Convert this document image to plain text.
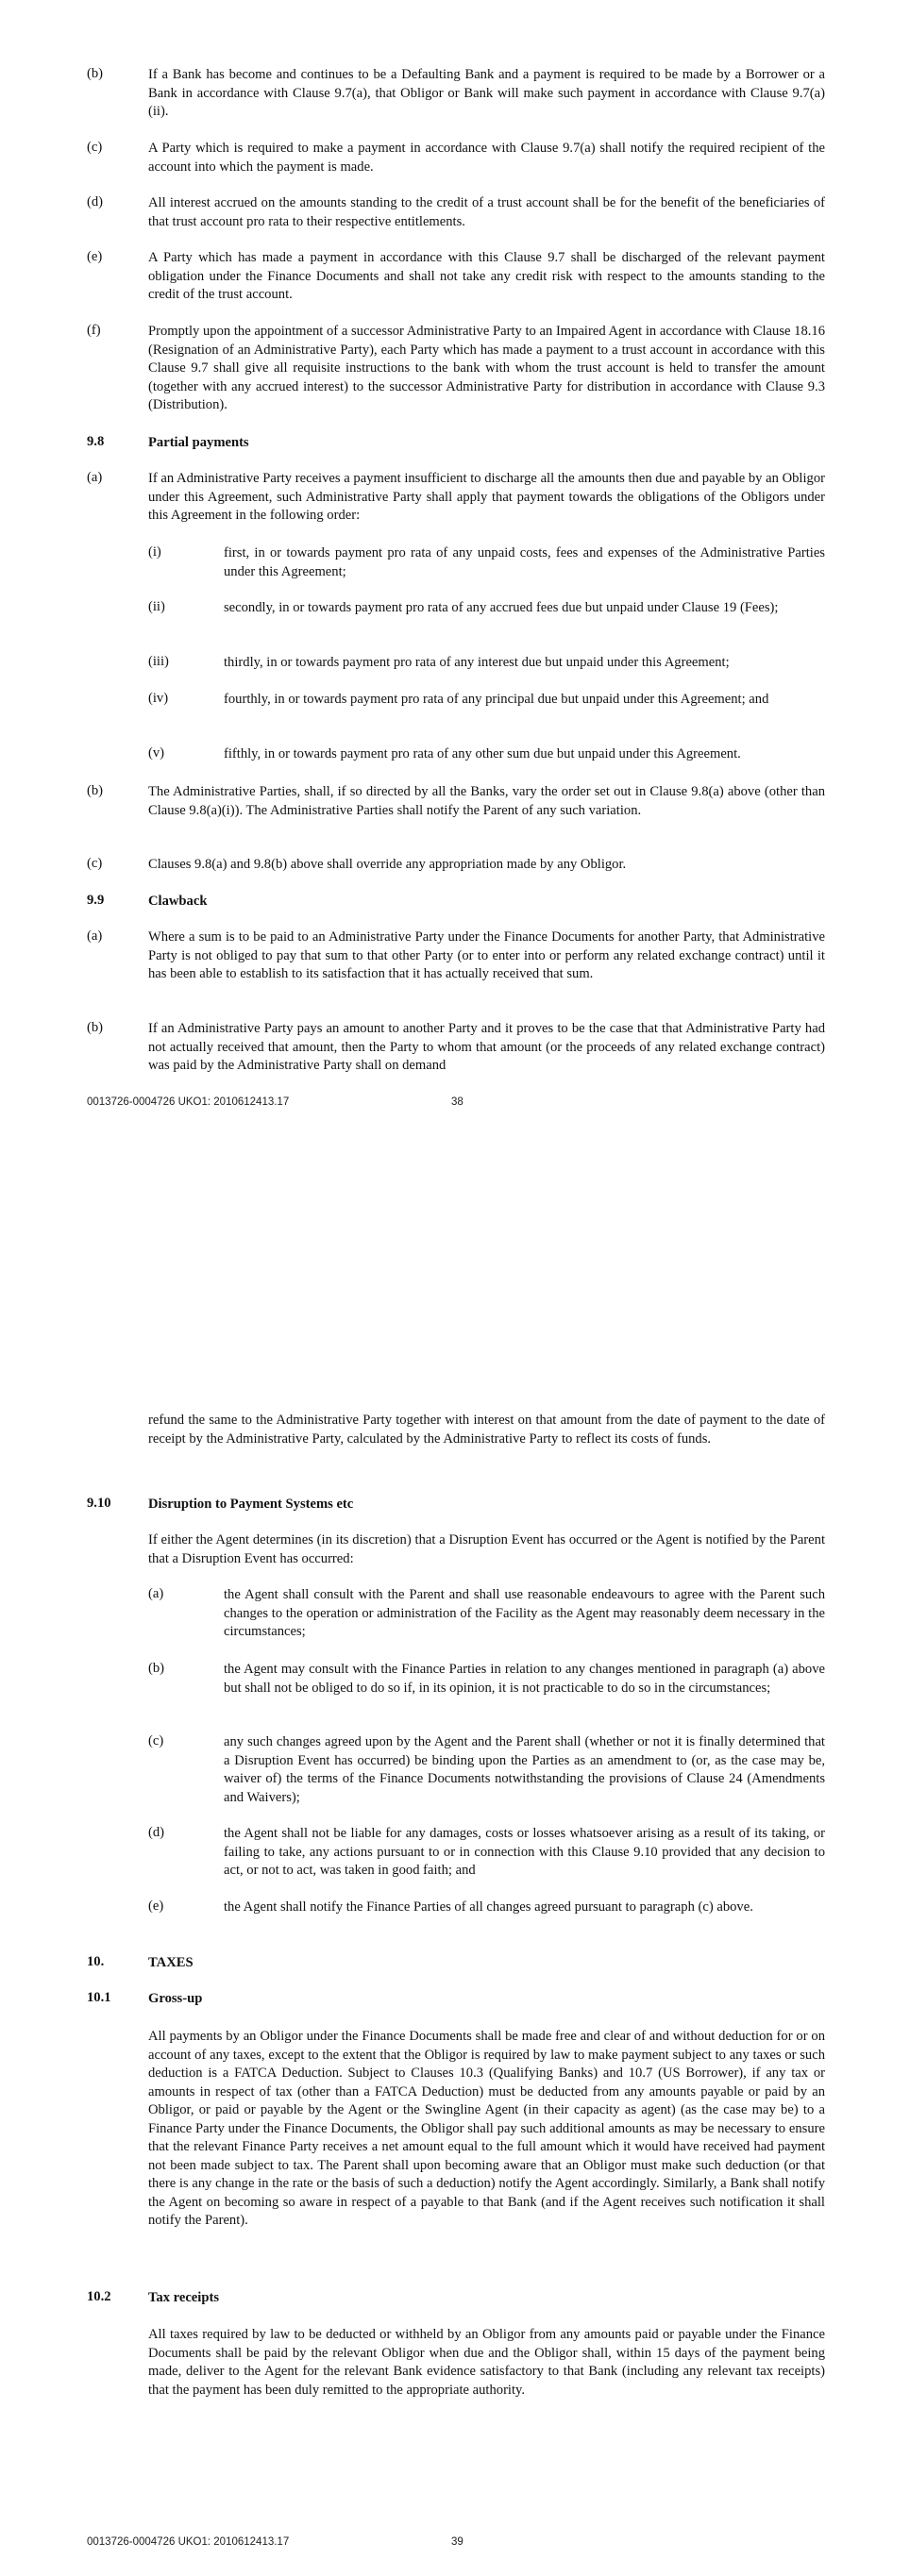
(b)	If a Bank has become and continues to be a Defaulting Bank and a payment is required to be made by a Borrower or a Bank in accordance with Clause 9.7(a), that Obligor or Bank will make such payment in accordance with Clause 9.7(a)(ii).
(c)	A Party which is required to make a payment in accordance with Clause 9.7(a) shall notify the required recipient of the account into which the payment is made.
(d)	All interest accrued on the amounts standing to the credit of a trust account shall be for the benefit of the beneficiaries of that trust account pro rata to their respective entitlements.
(e)	A Party which has made a payment in accordance with this Clause 9.7 shall be discharged of the relevant payment obligation under the Finance Documents and shall not take any credit risk with respect to the amounts standing to the credit of the trust account.
(f)	Promptly upon the appointment of a successor Administrative Party to an Impaired Agent in accordance with Clause 18.16 (Resignation of an Administrative Party), each Party which has made a payment to a trust account in accordance with this Clause 9.7 shall give all requisite instructions to the bank with whom the trust account is held to transfer the amount (together with any accrued interest) to the successor Administrative Party for distribution in accordance with Clause 9.3 (Distribution).
9.8	Partial payments
(a)	If an Administrative Party receives a payment insufficient to discharge all the amounts then due and payable by an Obligor under this Agreement, such Administrative Party shall apply that payment towards the obligations of the Obligors under this Agreement in the following order:
(i)	first, in or towards payment pro rata of any unpaid costs, fees and expenses of the Administrative Parties under this Agreement;
(ii)	secondly, in or towards payment pro rata of any accrued fees due but unpaid under Clause 19 (Fees);
(iii)	thirdly, in or towards payment pro rata of any interest due but unpaid under this Agreement;
(iv)	fourthly, in or towards payment pro rata of any principal due but unpaid under this Agreement; and
(v)	fifthly, in or towards payment pro rata of any other sum due but unpaid under this Agreement.
(b)	The Administrative Parties, shall, if so directed by all the Banks, vary the order set out in Clause 9.8(a) above (other than Clause 9.8(a)(i)). The Administrative Parties shall notify the Parent of any such variation.
(c)	Clauses 9.8(a) and 9.8(b) above shall override any appropriation made by any Obligor.
9.9	Clawback
(a)	Where a sum is to be paid to an Administrative Party under the Finance Documents for another Party, that Administrative Party is not obliged to pay that sum to that other Party (or to enter into or perform any related exchange contract) until it has been able to establish to its satisfaction that it has actually received that sum.
(b)	If an Administrative Party pays an amount to another Party and it proves to be the case that that Administrative Party had not actually received that amount, then the Party to whom that amount (or the proceeds of any related exchange contract) was paid by the Administrative Party shall on demand
0013726-0004726 UKO1: 2010612413.17	38
refund the same to the Administrative Party together with interest on that amount from the date of payment to the date of receipt by the Administrative Party, calculated by the Administrative Party to reflect its costs of funds.
9.10	Disruption to Payment Systems etc
If either the Agent determines (in its discretion) that a Disruption Event has occurred or the Agent is notified by the Parent that a Disruption Event has occurred:
(a)	the Agent shall consult with the Parent and shall use reasonable endeavours to agree with the Parent such changes to the operation or administration of the Facility as the Agent may reasonably deem necessary in the circumstances;
(b)	the Agent may consult with the Finance Parties in relation to any changes mentioned in paragraph (a) above but shall not be obliged to do so if, in its opinion, it is not practicable to do so in the circumstances;
(c)	any such changes agreed upon by the Agent and the Parent shall (whether or not it is finally determined that a Disruption Event has occurred) be binding upon the Parties as an amendment to (or, as the case may be, waiver of) the terms of the Finance Documents notwithstanding the provisions of Clause 24 (Amendments and Waivers);
(d)	the Agent shall not be liable for any damages, costs or losses whatsoever arising as a result of its taking, or failing to take, any actions pursuant to or in connection with this Clause 9.10 provided that any decision to act, or not to act, was taken in good faith; and
(e)	the Agent shall notify the Finance Parties of all changes agreed pursuant to paragraph (c) above.
10.	TAXES
10.1	Gross-up
All payments by an Obligor under the Finance Documents shall be made free and clear of and without deduction for or on account of any taxes, except to the extent that the Obligor is required by law to make payment subject to any taxes or such deduction is a FATCA Deduction. Subject to Clauses 10.3 (Qualifying Banks) and 10.7 (US Borrower), if any tax or amounts in respect of tax (other than a FATCA Deduction) must be deducted from any amounts payable or paid by an Obligor, or paid or payable by the Agent or the Swingline Agent (in their capacity as agent) (as the case may be) to a Finance Party under the Finance Documents, the Obligor shall pay such additional amounts as may be necessary to ensure that the relevant Finance Party receives a net amount equal to the full amount which it would have received had payment not been made subject to tax. The Parent shall upon becoming aware that an Obligor must make such deduction (or that there is any change in the rate or the basis of such a deduction) notify the Agent accordingly. Similarly, a Bank shall notify the Agent on becoming so aware in respect of a payable to that Bank (and if the Agent receives such notification it shall notify the Parent).
10.2	Tax receipts
All taxes required by law to be deducted or withheld by an Obligor from any amounts paid or payable under the Finance Documents shall be paid by the relevant Obligor when due and the Obligor shall, within 15 days of the payment being made, deliver to the Agent for the relevant Bank evidence satisfactory to that Bank (including any relevant tax receipts) that the payment has been duly remitted to the appropriate authority.
0013726-0004726 UKO1: 2010612413.17	39
